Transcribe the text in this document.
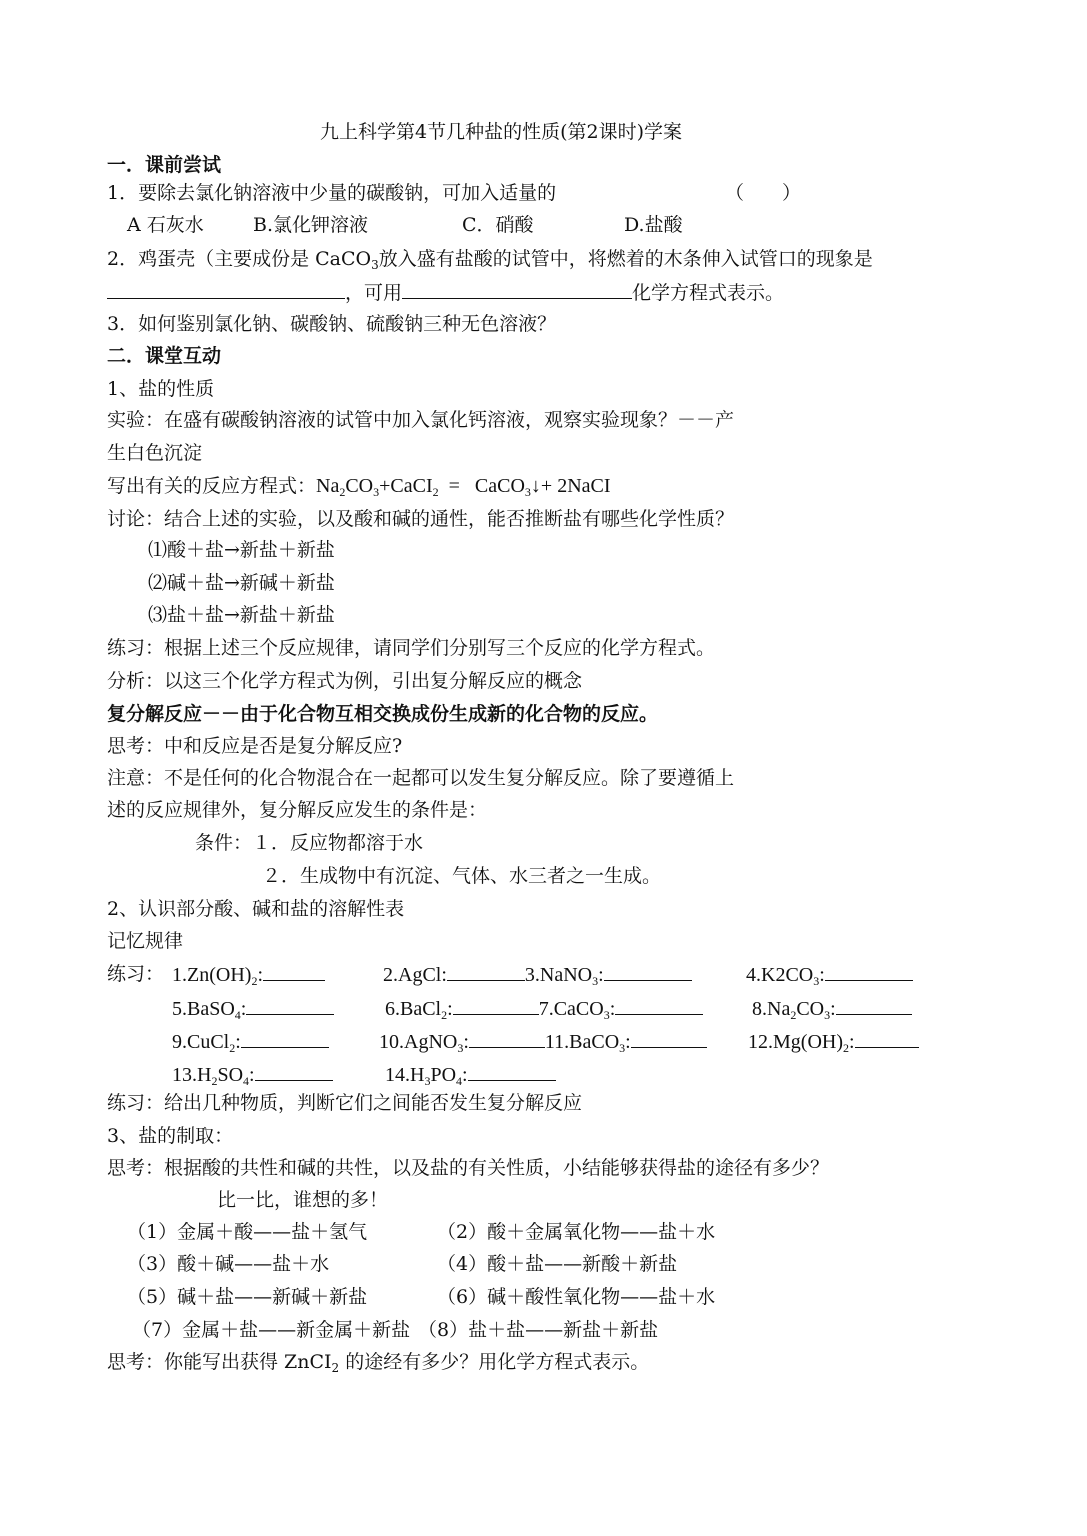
九上科学第4节几种盐的性质(第2课时)学案
一．课前尝试
1．要除去氯化钠溶液中少量的碳酸钠，可加入适量的	（　　）
A 石灰水	B.氯化钾溶液	C．硝酸	D.盐酸
2．鸡蛋壳（主要成份是 CaCO$_3$放入盛有盐酸的试管中，将燃着的木条伸入试管口的现象是
，可用	化学方程式表示。
3．如何鉴别氯化钠、碳酸钠、硫酸钠三种无色溶液？
二．课堂互动
1、盐的性质
实验：在盛有碳酸钠溶液的试管中加入氯化钙溶液，观察实验现象？－－产
生白色沉淀
写出有关的反应方程式：$Na_2CO_3+CaCI_2$  =   CaCO$_3$↓+ 2NaCI
讨论：结合上述的实验，以及酸和碱的通性，能否推断盐有哪些化学性质？
⑴酸＋盐→新盐＋新盐
⑵碱＋盐→新碱＋新盐
⑶盐＋盐→新盐＋新盐
练习：根据上述三个反应规律，请同学们分别写三个反应的化学方程式。
分析：以这三个化学方程式为例，引出复分解反应的概念
复分解反应－－由于化合物互相交换成份生成新的化合物的反应。
思考：中和反应是否是复分解反应?
注意：不是任何的化合物混合在一起都可以发生复分解反应。除了要遵循上
述的反应规律外，复分解反应发生的条件是：
条件：１．反应物都溶于水
２．生成物中有沉淀、气体、水三者之一生成。
2、认识部分酸、碱和盐的溶解性表
记忆规律
练习： $1.Zn(OH)_2$:	2.AgCl:	3.NaNO$_3$:	$4.K2CO_3$:
5.BaSO$_4$:	6.BaCl$_2$:	7.CaCO$_3$:	$8.Na_2CO_3$:
9.CuCl$_2$:	10.AgNO$_3$:	11.BaCO$_3$:	$12.Mg(OH)_2$:
$13.H_2SO_4$:	$14.H_3PO_4$:
练习：给出几种物质，判断它们之间能否发生复分解反应
3、盐的制取：
思考：根据酸的共性和碱的共性，以及盐的有关性质，小结能够获得盐的途径有多少？
比一比，谁想的多！
（1）金属＋酸——盐＋氢气	（2）酸＋金属氧化物——盐＋水
（3）酸＋碱——盐＋水	（4）酸＋盐——新酸＋新盐
（5）碱＋盐——新碱＋新盐	（6）碱＋酸性氧化物——盐＋水
（7）金属＋盐——新金属＋新盐 （8）盐＋盐——新盐＋新盐
思考：你能写出获得 ZnCI$_2$ 的途经有多少？用化学方程式表示。
